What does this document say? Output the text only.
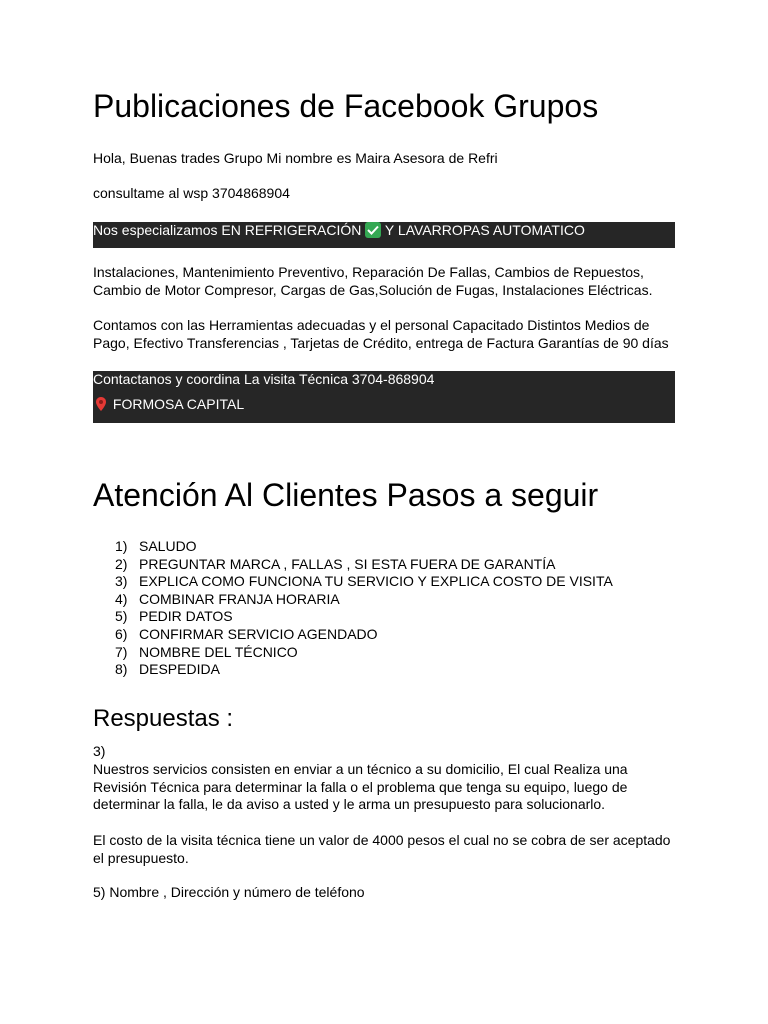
Publicaciones de Facebook Grupos

Hola, Buenas trades Grupo Mi nombre es Maira Asesora de Refri

consultame al wsp 3704868904

Nos especializamos EN REFRIGERACIÓN
Y LAVARROPAS AUTOMATICO

Instalaciones, Mantenimiento Preventivo, Reparación De Fallas, Cambios de Repuestos, Cambio de Motor Compresor, Cargas de Gas,Solución de Fugas, Instalaciones Eléctricas.

Contamos con las Herramientas adecuadas y el personal Capacitado Distintos Medios de Pago, Efectivo Transferencias , Tarjetas de Crédito, entrega de Factura Garantías de 90 días

Contactanos y coordina La visita Técnica 3704-868904
FORMOSA CAPITAL
Atención Al Clientes Pasos a seguir
1) SALUDO
2) PREGUNTAR MARCA , FALLAS , SI ESTA FUERA DE GARANTÍA
3) EXPLICA COMO FUNCIONA TU SERVICIO Y EXPLICA COSTO DE VISITA
4) COMBINAR FRANJA HORARIA
5) PEDIR DATOS
6) CONFIRMAR SERVICIO AGENDADO
7) NOMBRE DEL TÉCNICO
8) DESPEDIDA
Respuestas :

3)

Nuestros servicios consisten en enviar a un técnico a su domicilio, El cual Realiza una Revisión Técnica para determinar la falla o el problema que tenga su equipo, luego de determinar la falla, le da aviso a usted y le arma un presupuesto para solucionarlo.

El costo de la visita técnica tiene un valor de 4000 pesos el cual no se cobra de ser aceptado el presupuesto.

5) Nombre , Dirección y número de teléfono
